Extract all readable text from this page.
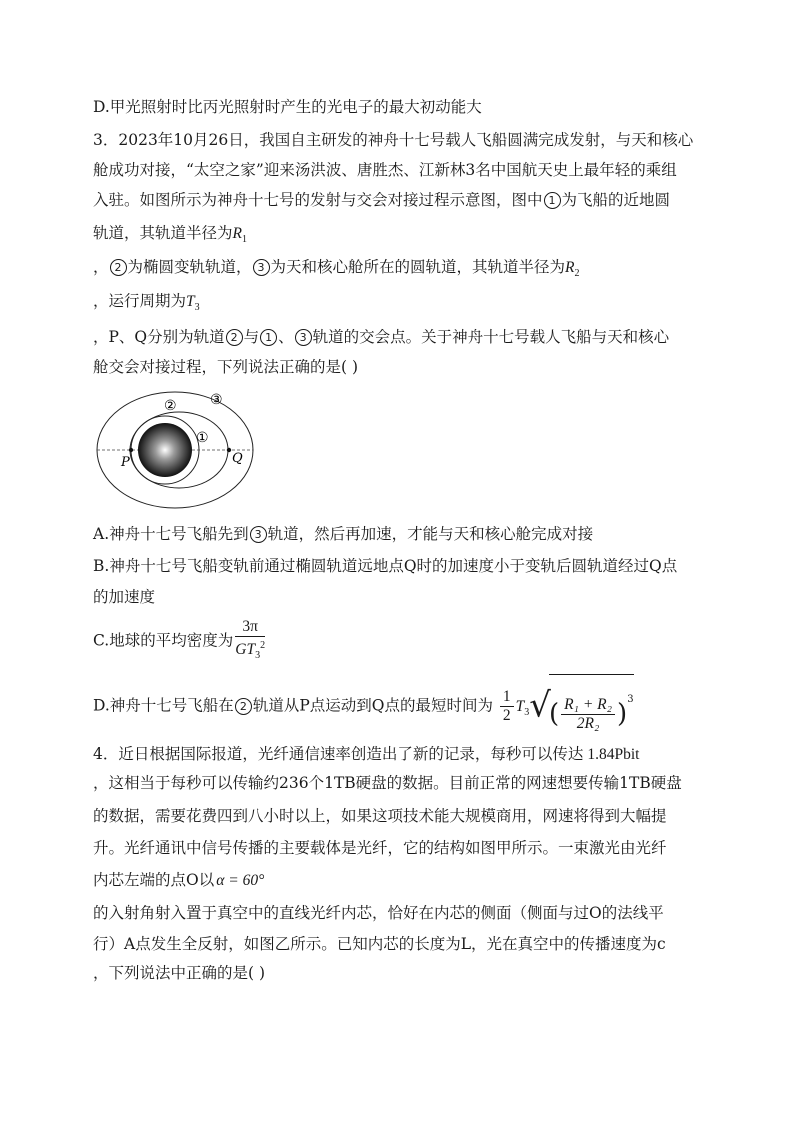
D.甲光照射时比丙光照射时产生的光电子的最大初动能大
3．2023年10月26日，我国自主研发的神舟十七号载人飞船圆满完成发射，与天和核心
舱成功对接，“太空之家”迎来汤洪波、唐胜杰、江新林3名中国航天史上最年轻的乘组
入驻。如图所示为神舟十七号的发射与交会对接过程示意图，图中 1 为飞船的近地圆
轨道，其轨道半径为$R_1$
， 2 为椭圆变轨轨道， 3 为天和核心舱所在的圆轨道，其轨道半径为$R_2$
，运行周期为$T_3$
，P、Q分别为轨道 2 与 1 、 3 轨道的交会点。关于神舟十七号载人飞船与天和核心
舱交会对接过程，下列说法正确的是( )
P	Q
①
② ③
A.神舟十七号飞船先到 3 轨道，然后再加速，才能与天和核心舱完成对接
B.神舟十七号飞船变轨前通过椭圆轨道远地点Q时的加速度小于变轨后圆轨道经过Q点
的加速度
C.地球的平均密度为 $\frac{3\pi}{GT_3^2}$
D.神舟十七号飞船在 2 轨道从P点运动到Q点的最短时间为 $\frac{1}{2} T_3√( \frac{\text{R₁ + R₂}}{\text{2R₂}} )^3$
4．近日根据国际报道，光纤通信速率创造出了新的记录，每秒可以传达 1.84Pbit
，这相当于每秒可以传输约236个1TB硬盘的数据。目前正常的网速想要传输1TB硬盘
的数据，需要花费四到八小时以上，如果这项技术能大规模商用，网速将得到大幅提
升。光纤通讯中信号传播的主要载体是光纤，它的结构如图甲所示。一束激光由光纤
内芯左端的点O以 α = 60°
的入射角射入置于真空中的直线光纤内芯，恰好在内芯的侧面（侧面与过O的法线平
行）A点发生全反射，如图乙所示。已知内芯的长度为L，光在真空中的传播速度为c
，下列说法中正确的是( )
